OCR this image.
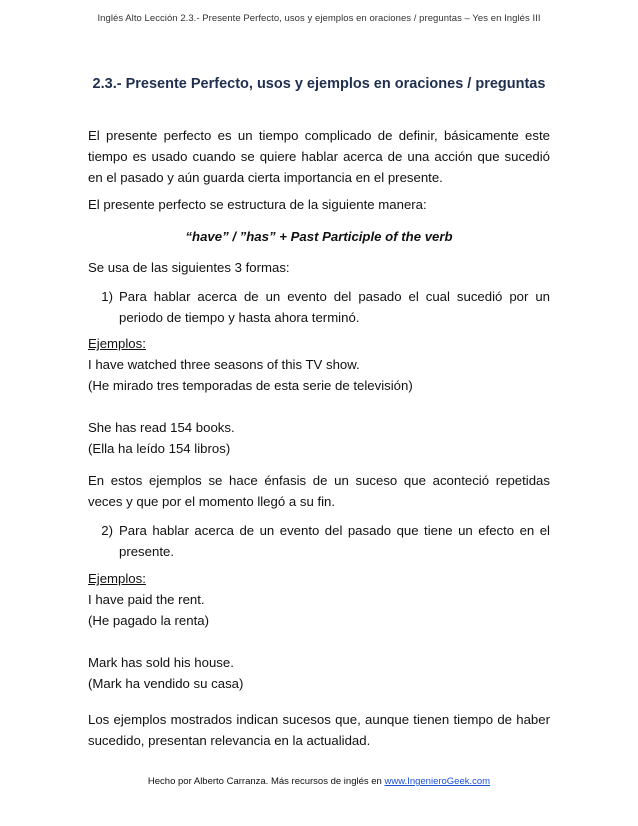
Inglés Alto Lección 2.3.- Presente Perfecto, usos y ejemplos en oraciones / preguntas – Yes en Inglés III
2.3.- Presente Perfecto, usos y ejemplos en oraciones / preguntas

El presente perfecto es un tiempo complicado de definir, básicamente este tiempo es usado cuando se quiere hablar acerca de una acción que sucedió en el pasado y aún guarda cierta importancia en el presente.

El presente perfecto se estructura de la siguiente manera:

“have” / ”has” + Past Participle of the verb

Se usa de las siguientes 3 formas:

1) Para hablar acerca de un evento del pasado el cual sucedió por un periodo de tiempo y hasta ahora terminó.
Ejemplos:
I have watched three seasons of this TV show.
(He mirado tres temporadas de esta serie de televisión)
She has read 154 books.
(Ella ha leído 154 libros)

En estos ejemplos se hace énfasis de un suceso que aconteció repetidas veces y que por el momento llegó a su fin.

2) Para hablar acerca de un evento del pasado que tiene un efecto en el presente.
Ejemplos:
I have paid the rent.
(He pagado la renta)
Mark has sold his house.
(Mark ha vendido su casa)

Los ejemplos mostrados indican sucesos que, aunque tienen tiempo de haber sucedido, presentan relevancia en la actualidad.

Hecho por Alberto Carranza. Más recursos de inglés en www.IngenieroGeek.com
